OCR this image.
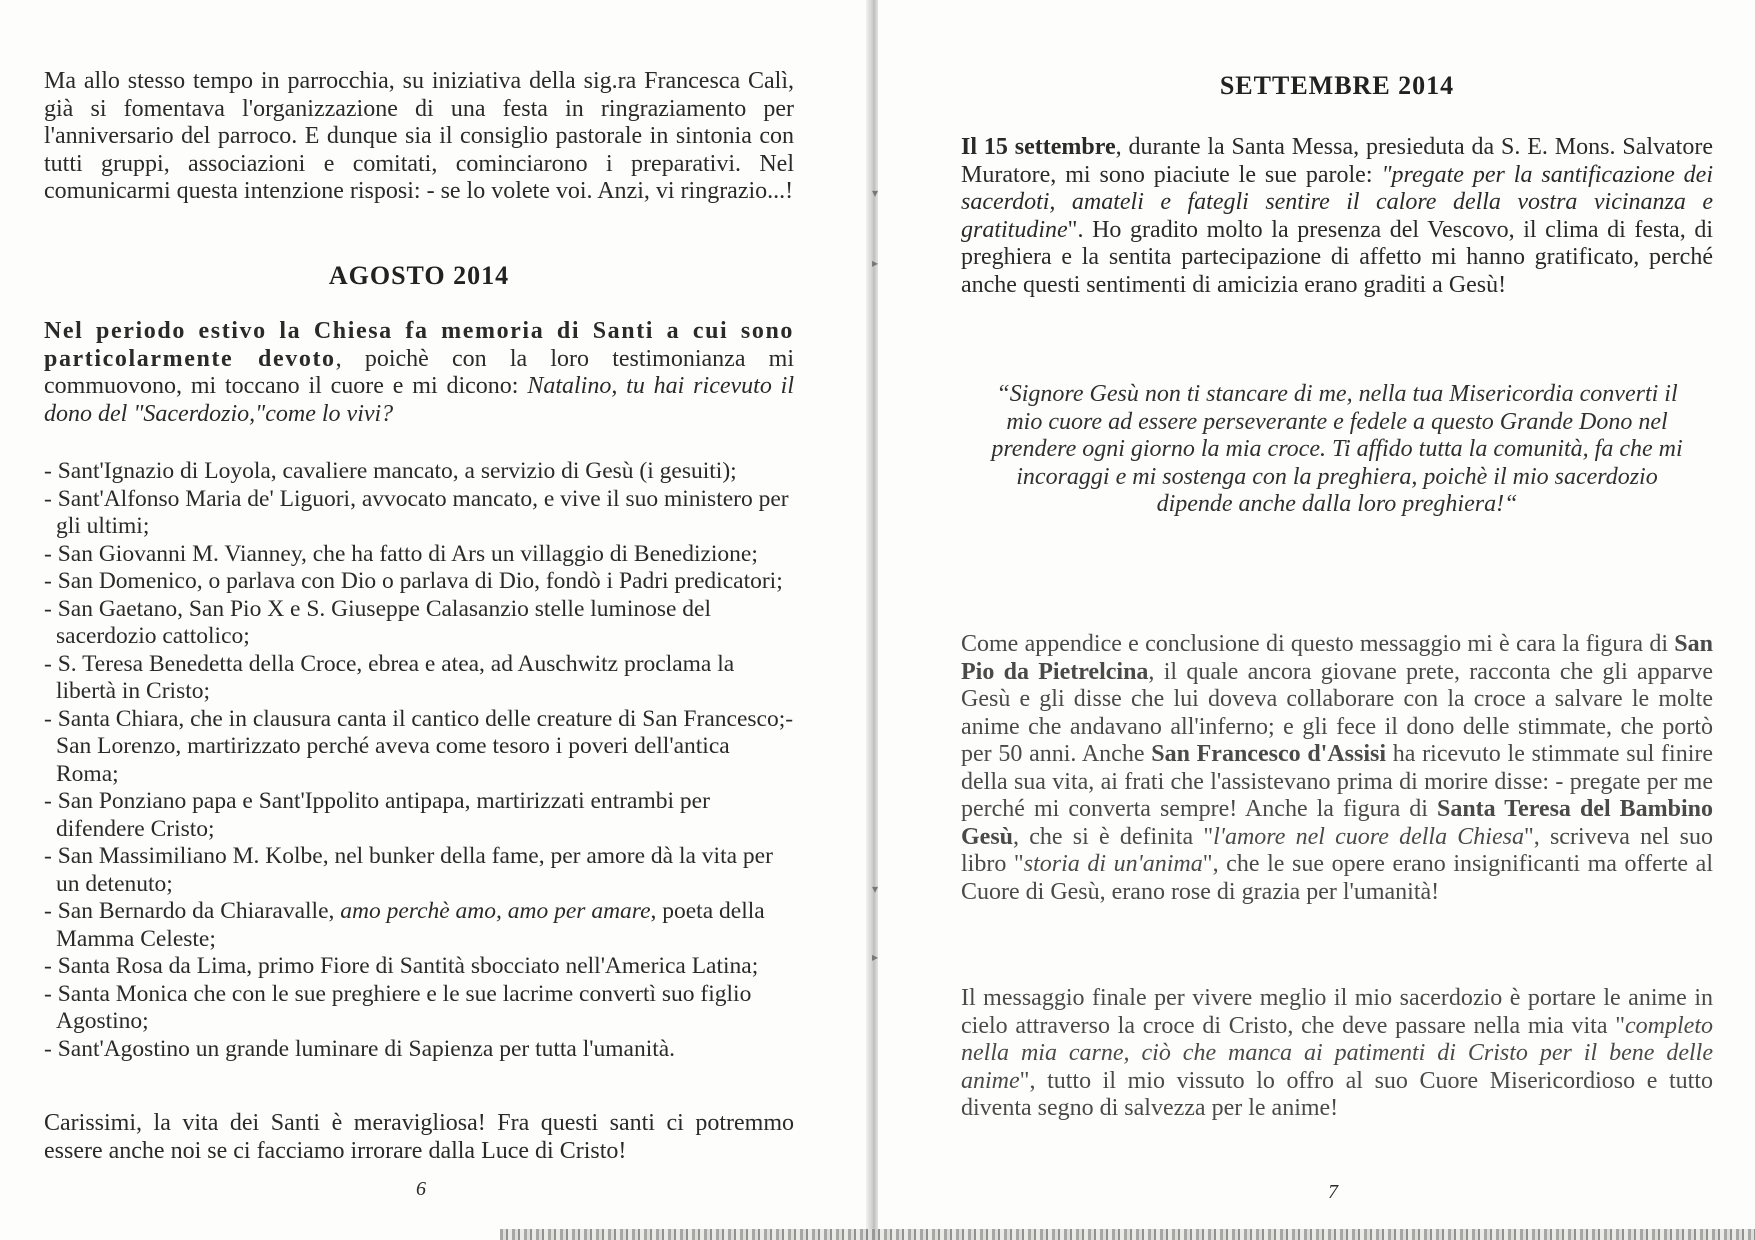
Ma allo stesso tempo in parrocchia, su iniziativa della sig.ra Francesca Calì, già si fomentava l'organizzazione di una festa in ringraziamento per l'anniversario del parroco. E dunque sia il consiglio pastorale in sintonia con tutti gruppi, associazioni e comitati, cominciarono i preparativi. Nel comunicarmi questa intenzione risposi: - se lo volete voi. Anzi, vi ringrazio...!

AGOSTO 2014

Nel periodo estivo la Chiesa fa memoria di Santi a cui sono particolarmente devoto, poichè con la loro testimonianza mi commuovono, mi toccano il cuore e mi dicono: Natalino, tu hai ricevuto il dono del "Sacerdozio,"come lo vivi?

- Sant'Ignazio di Loyola, cavaliere mancato, a servizio di Gesù (i gesuiti);
- Sant'Alfonso Maria de' Liguori, avvocato mancato, e vive il suo ministero per gli ultimi;
- San Giovanni M. Vianney, che ha fatto di Ars un villaggio di Benedizione;
- San Domenico, o parlava con Dio o parlava di Dio, fondò i Padri predicatori;
- San Gaetano, San Pio X e S. Giuseppe Calasanzio stelle luminose del sacerdozio cattolico;
- S. Teresa Benedetta della Croce, ebrea e atea, ad Auschwitz proclama la libertà in Cristo;
- Santa Chiara, che in clausura canta il cantico delle creature di San Francesco;- San Lorenzo, martirizzato perché aveva come tesoro i poveri dell'antica Roma;
- San Ponziano papa e Sant'Ippolito antipapa, martirizzati entrambi per difendere Cristo;
- San Massimiliano M. Kolbe, nel bunker della fame, per amore dà la vita per un detenuto;
- San Bernardo da Chiaravalle, amo perchè amo, amo per amare, poeta della Mamma Celeste;
- Santa Rosa da Lima, primo Fiore di Santità sbocciato nell'America Latina;
- Santa Monica che con le sue preghiere e le sue lacrime convertì suo figlio Agostino;
- Sant'Agostino un grande luminare di Sapienza per tutta l'umanità.

Carissimi, la vita dei Santi è meravigliosa! Fra questi santi ci potremmo essere anche noi se ci facciamo irrorare dalla Luce di Cristo!

6
▾
▸
▾
▸
SETTEMBRE 2014

Il 15 settembre, durante la Santa Messa, presieduta da S. E. Mons. Salvatore Muratore, mi sono piaciute le sue parole: "pregate per la santificazione dei sacerdoti, amateli e fategli sentire il calore della vostra vicinanza e gratitudine". Ho gradito molto la presenza del Vescovo, il clima di festa, di preghiera e la sentita partecipazione di affetto mi hanno gratificato, perché anche questi sentimenti di amicizia erano graditi a Gesù!

“Signore Gesù non ti stancare di me, nella tua Misericordia converti il

mio cuore ad essere perseverante e fedele a questo Grande Dono nel

prendere ogni giorno la mia croce. Ti affido tutta la comunità, fa che mi

incoraggi e mi sostenga con la preghiera, poichè il mio sacerdozio

dipende anche dalla loro preghiera!“

Come appendice e conclusione di questo messaggio mi è cara la figura di San Pio da Pietrelcina, il quale ancora giovane prete, racconta che gli apparve Gesù e gli disse che lui doveva collaborare con la croce a salvare le molte anime che andavano all'inferno; e gli fece il dono delle stimmate, che portò per 50 anni. Anche San Francesco d'Assisi ha ricevuto le stimmate sul finire della sua vita, ai frati che l'assistevano prima di morire disse: - pregate per me perché mi converta sempre! Anche la figura di Santa Teresa del Bambino Gesù, che si è definita "l'amore nel cuore della Chiesa", scriveva nel suo libro "storia di un'anima", che le sue opere erano insignificanti ma offerte al Cuore di Gesù, erano rose di grazia per l'umanità!

Il messaggio finale per vivere meglio il mio sacerdozio è portare le anime in cielo attraverso la croce di Cristo, che deve passare nella mia vita "completo nella mia carne, ciò che manca ai patimenti di Cristo per il bene delle anime", tutto il mio vissuto lo offro al suo Cuore Misericordioso e tutto diventa segno di salvezza per le anime!

7
